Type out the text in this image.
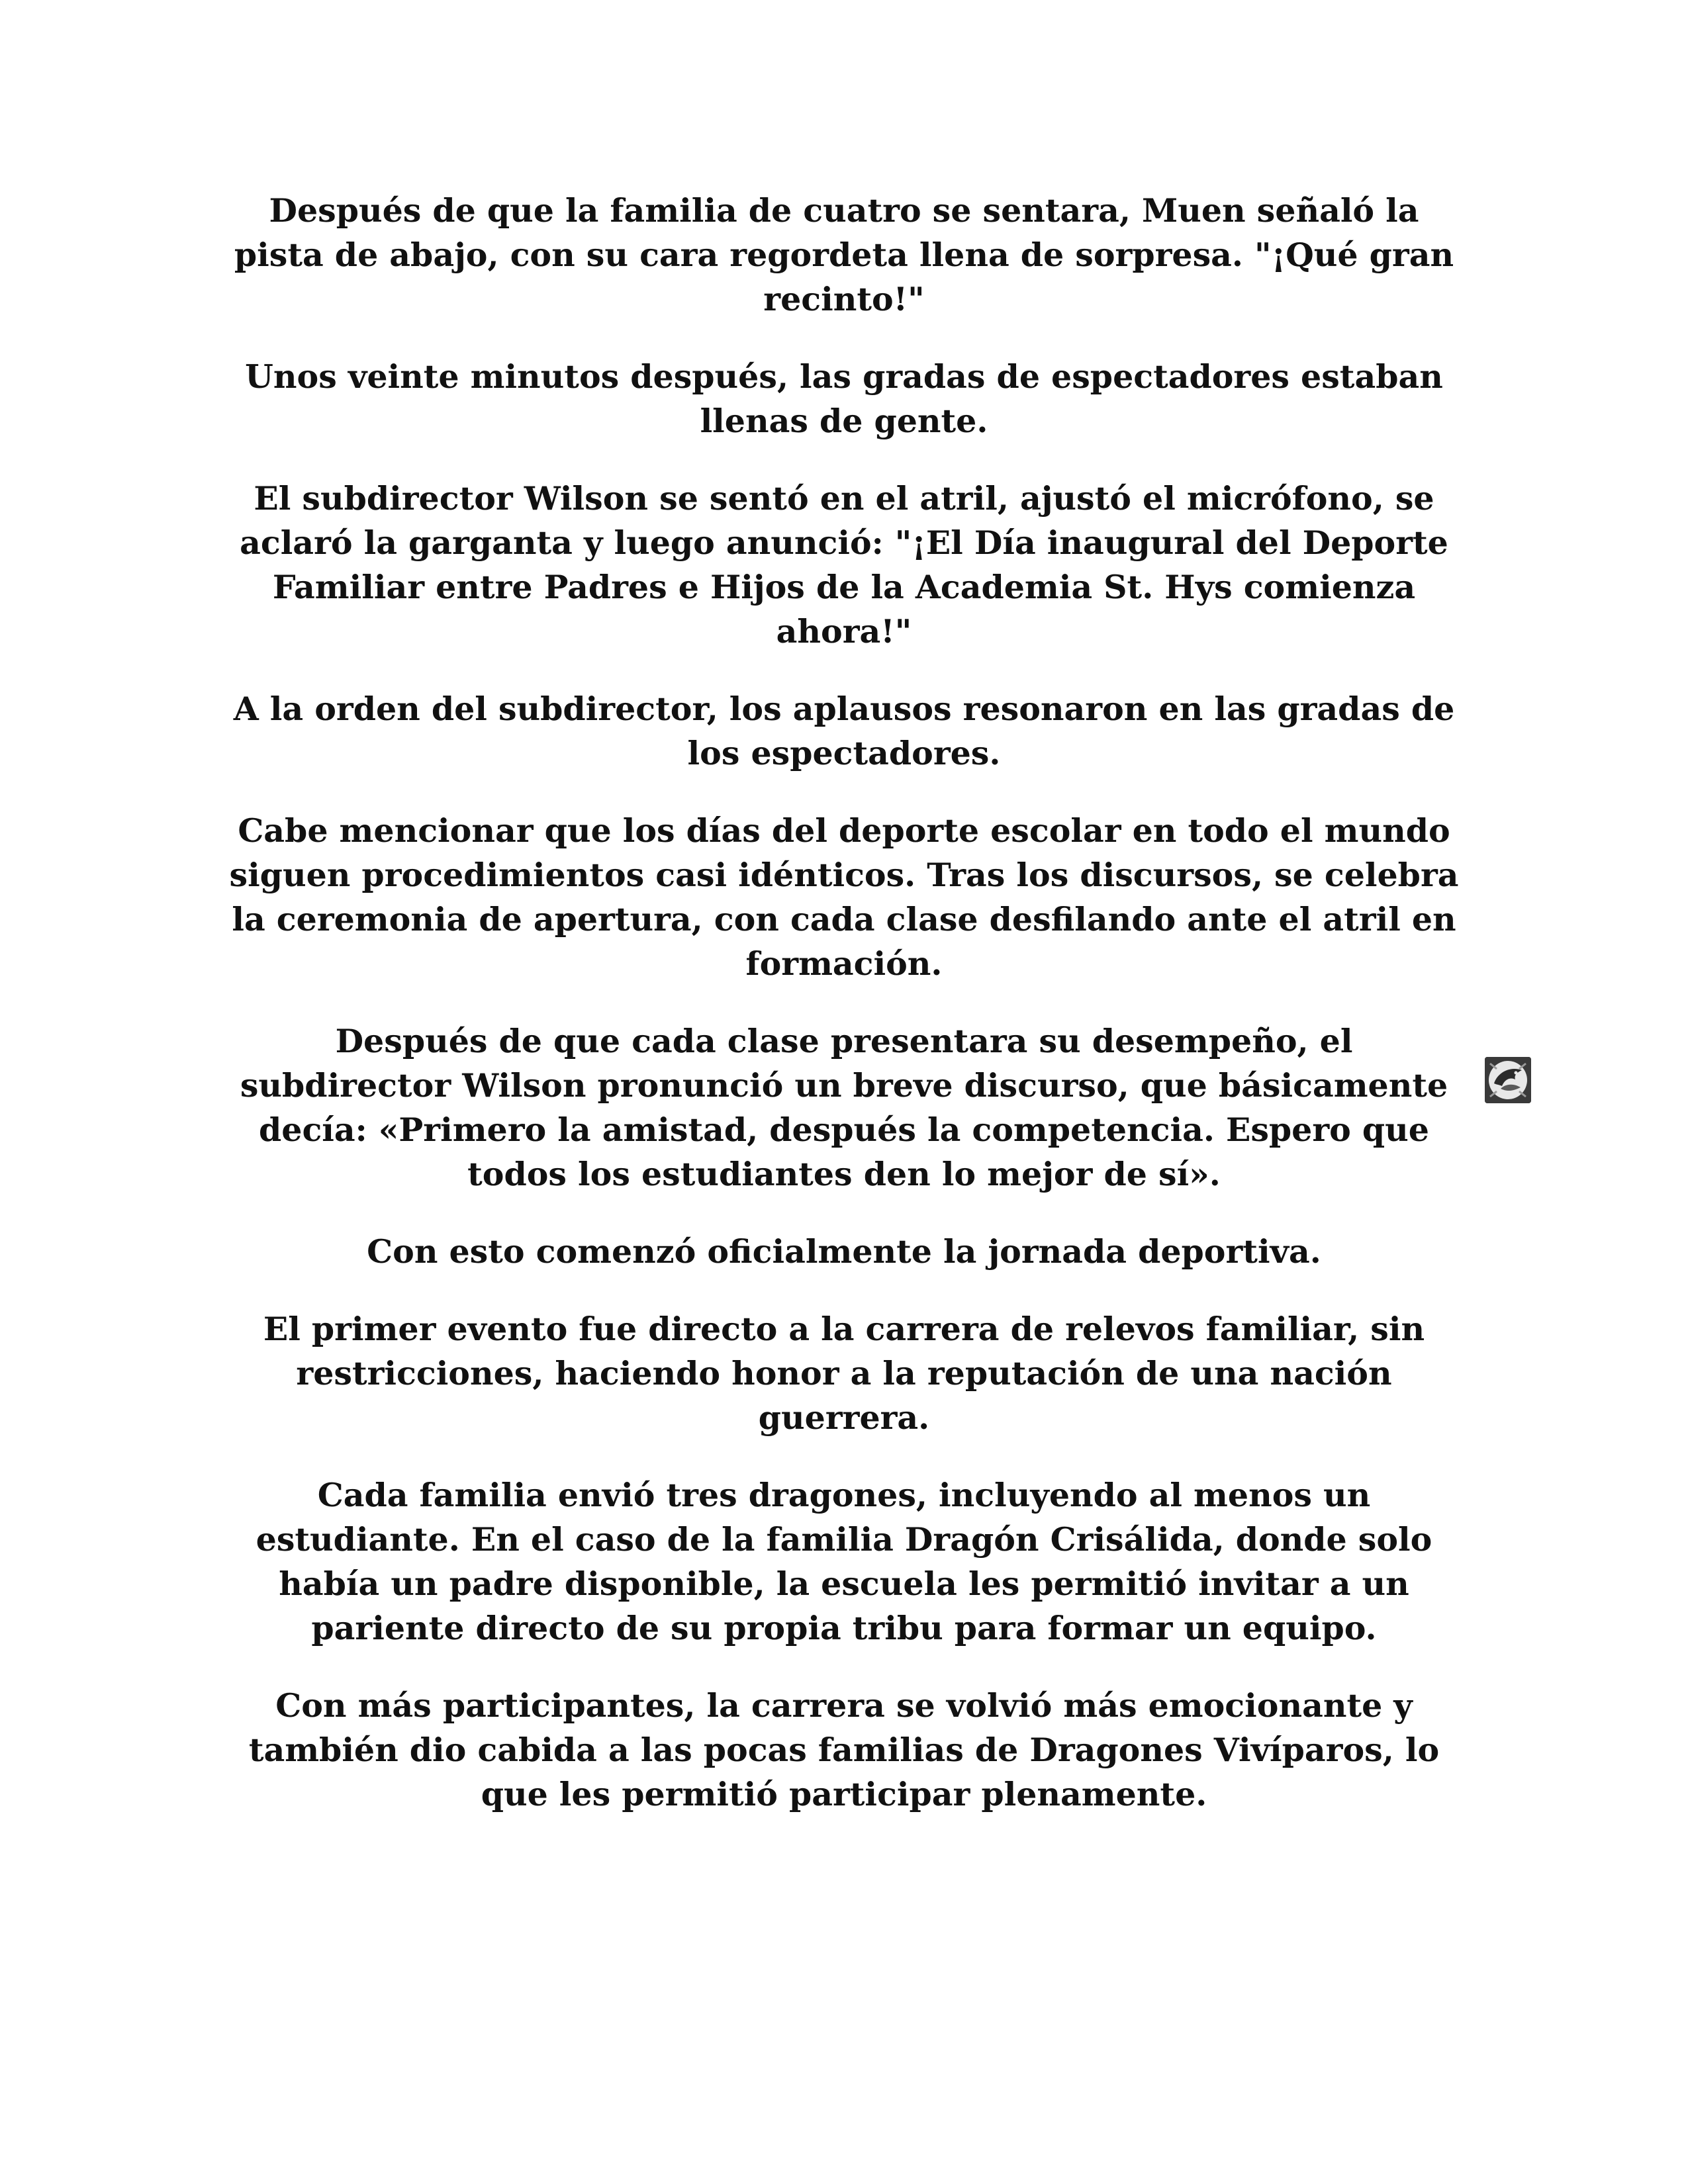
Después de que la familia de cuatro se sentara, Muen señaló la pista de abajo, con su cara regordeta llena de sorpresa. "¡Qué gran recinto!"

Unos veinte minutos después, las gradas de espectadores estaban llenas de gente.

El subdirector Wilson se sentó en el atril, ajustó el micrófono, se aclaró la garganta y luego anunció: "¡El Día inaugural del Deporte Familiar entre Padres e Hijos de la Academia St. Hys comienza ahora!"

A la orden del subdirector, los aplausos resonaron en las gradas de los espectadores.

Cabe mencionar que los días del deporte escolar en todo el mundo siguen procedimientos casi idénticos. Tras los discursos, se celebra la ceremonia de apertura, con cada clase desfilando ante el atril en formación.

Después de que cada clase presentara su desempeño, el subdirector Wilson pronunció un breve discurso, que básicamente decía: «Primero la amistad, después la competencia. Espero que todos los estudiantes den lo mejor de sí».

Con esto comenzó oficialmente la jornada deportiva.

El primer evento fue directo a la carrera de relevos familiar, sin restricciones, haciendo honor a la reputación de una nación guerrera.

Cada familia envió tres dragones, incluyendo al menos un estudiante. En el caso de la familia Dragón Crisálida, donde solo había un padre disponible, la escuela les permitió invitar a un pariente directo de su propia tribu para formar un equipo.

Con más participantes, la carrera se volvió más emocionante y también dio cabida a las pocas familias de Dragones Vivíparos, lo que les permitió participar plenamente.
